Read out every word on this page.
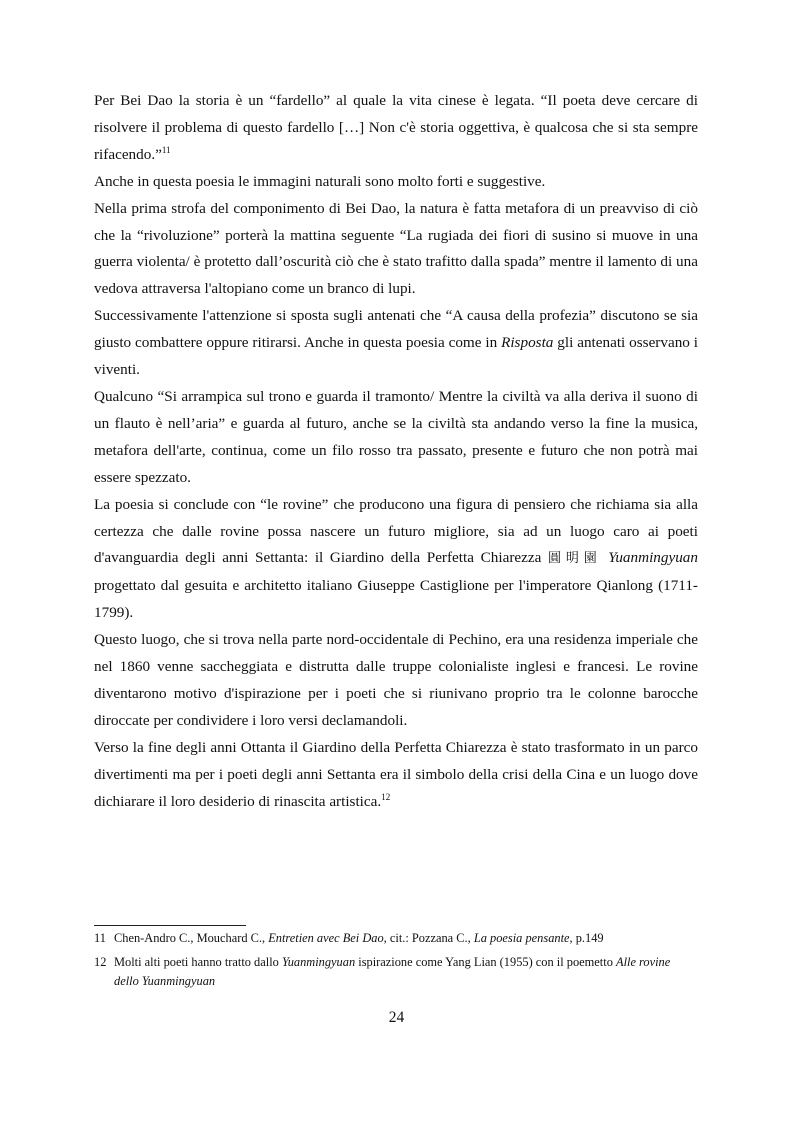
Per Bei Dao la storia è un “fardello” al quale la vita cinese è legata. “Il poeta deve cercare di risolvere il problema di questo fardello […] Non c'è storia oggettiva, è qualcosa che si sta sempre rifacendo.”$^{11}$

Anche in questa poesia le immagini naturali sono molto forti e suggestive.

Nella prima strofa del componimento di Bei Dao, la natura è fatta metafora di un preavviso di ciò che la “rivoluzione” porterà la mattina seguente “La rugiada dei fiori di susino si muove in una guerra violenta/ è protetto dall’oscurità ciò che è stato trafitto dalla spada” mentre il lamento di una vedova attraversa l'altopiano come un branco di lupi.

Successivamente l'attenzione si sposta sugli antenati che “A causa della profezia” discutono se sia giusto combattere oppure ritirarsi. Anche in questa poesia come in Risposta gli antenati osservano i viventi.

Qualcuno “Si arrampica sul trono e guarda il tramonto/ Mentre la civiltà va alla deriva il suono di un flauto è nell’aria” e guarda al futuro, anche se la civiltà sta andando verso la fine la musica, metafora dell'arte, continua, come un filo rosso tra passato, presente e futuro che non potrà mai essere spezzato.

La poesia si conclude con “le rovine” che producono una figura di pensiero che richiama sia alla certezza che dalle rovine possa nascere un futuro migliore, sia ad un luogo caro ai poeti d'avanguardia degli anni Settanta: il Giardino della Perfetta Chiarezza 圓明園 Yuanmingyuan progettato dal gesuita e architetto italiano Giuseppe Castiglione per l'imperatore Qianlong (1711-1799).

Questo luogo, che si trova nella parte nord-occidentale di Pechino, era una residenza imperiale che nel 1860 venne saccheggiata e distrutta dalle truppe colonialiste inglesi e francesi. Le rovine diventarono motivo d'ispirazione per i poeti che si riunivano proprio tra le colonne barocche diroccate per condividere i loro versi declamandoli.

Verso la fine degli anni Ottanta il Giardino della Perfetta Chiarezza è stato trasformato in un parco divertimenti ma per i poeti degli anni Settanta era il simbolo della crisi della Cina e un luogo dove dichiarare il loro desiderio di rinascita artistica.$^{12}$

11 Chen-Andro C., Mouchard C., Entretien avec Bei Dao, cit.: Pozzana C., La poesia pensante, p.149
12 Molti alti poeti hanno tratto dallo Yuanmingyuan ispirazione come Yang Lian (1955) con il poemetto Alle rovine dello Yuanmingyuan
24
